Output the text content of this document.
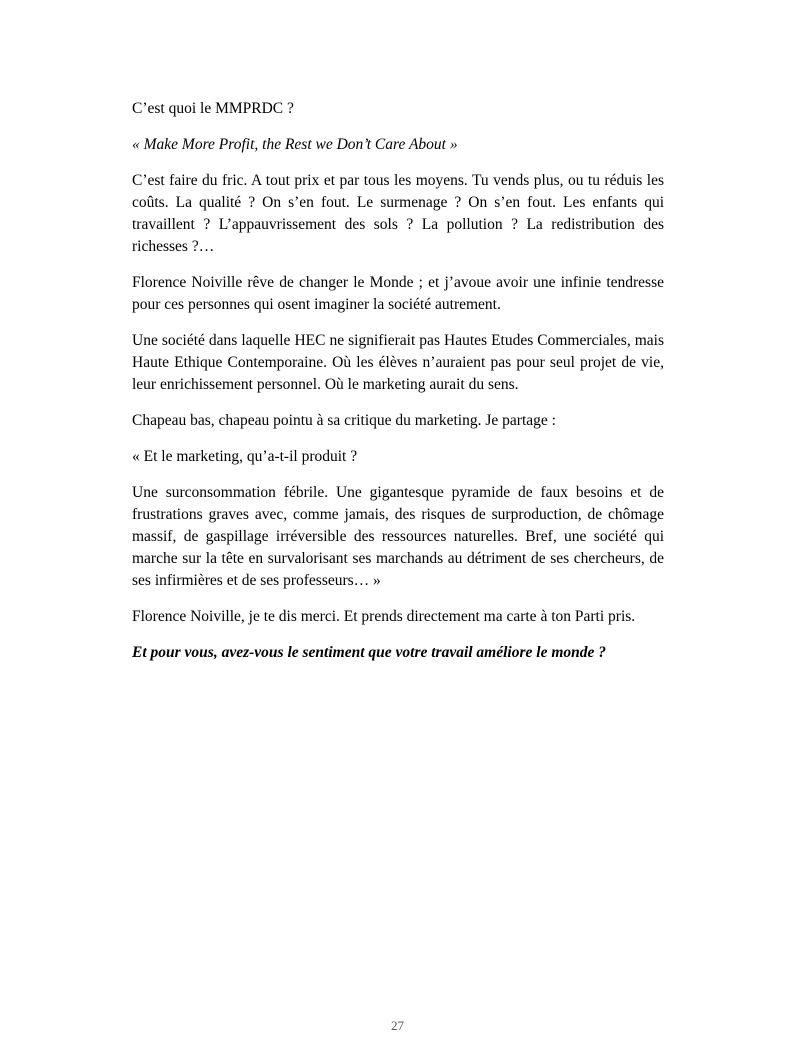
C’est quoi le MMPRDC ?

« Make More Profit, the Rest we Don’t Care About »

C’est faire du fric. A tout prix et par tous les moyens. Tu vends plus, ou tu réduis les coûts. La qualité ? On s’en fout. Le surmenage ? On s’en fout. Les enfants qui travaillent ? L’appauvrissement des sols ? La pollution ? La redistribution des richesses ?…

Florence Noiville rêve de changer le Monde ; et j’avoue avoir une infinie tendresse pour ces personnes qui osent imaginer la société autrement.

Une société dans laquelle HEC ne signifierait pas Hautes Etudes Commerciales, mais Haute Ethique Contemporaine. Où les élèves n’auraient pas pour seul projet de vie, leur enrichissement personnel. Où le marketing aurait du sens.

Chapeau bas, chapeau pointu à sa critique du marketing. Je partage :

« Et le marketing, qu’a-t-il produit ?

Une surconsommation fébrile. Une gigantesque pyramide de faux besoins et de frustrations graves avec, comme jamais, des risques de surproduction, de chômage massif, de gaspillage irréversible des ressources naturelles. Bref, une société qui marche sur la tête en survalorisant ses marchands au détriment de ses chercheurs, de ses infirmières et de ses professeurs… »

Florence Noiville, je te dis merci. Et prends directement ma carte à ton Parti pris.

Et pour vous, avez-vous le sentiment que votre travail améliore le monde ?

27
